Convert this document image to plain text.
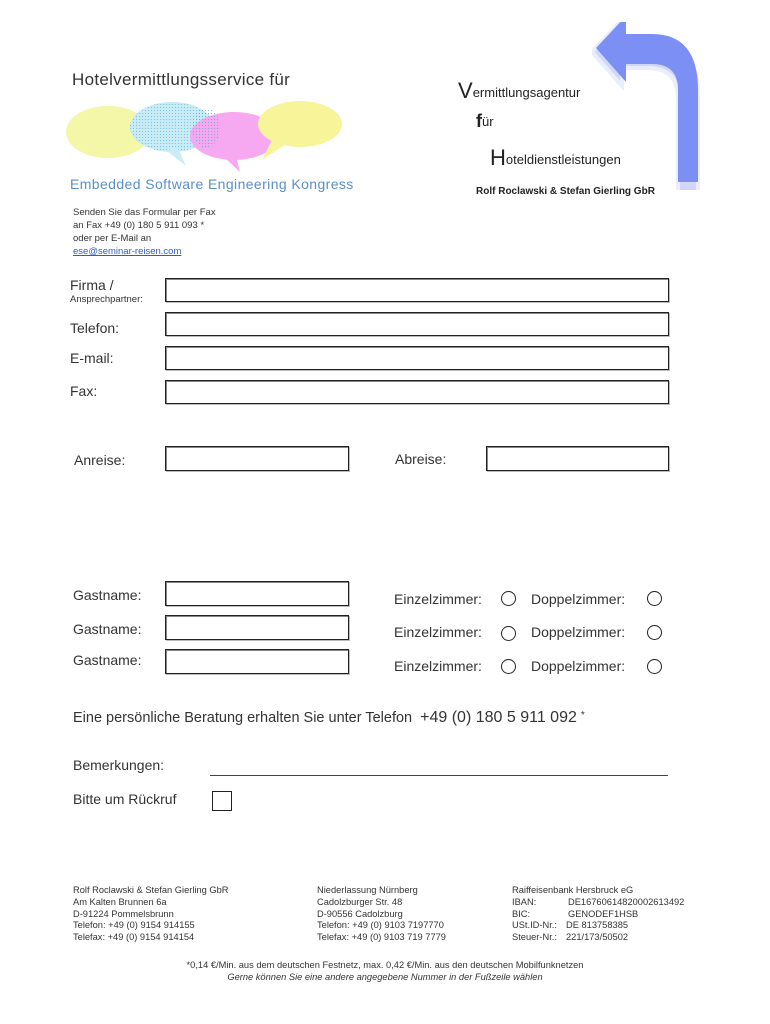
Hotelvermittlungsservice für
Embedded Software Engineering Kongress
Vermittlungsagentur
für
Hoteldienstleistungen
Rolf Roclawski & Stefan Gierling GbR
Senden Sie das Formular per Fax
an Fax +49 (0) 180 5 911 093 *
oder per E-Mail an
ese@seminar-reisen.com
Firma /
Ansprechpartner:
Telefon:
E-mail:
Fax:
Anreise:	Abreise:
Gastname:	Einzelzimmer:	Doppelzimmer:
Gastname:	Einzelzimmer:	Doppelzimmer:
Gastname:	Einzelzimmer:	Doppelzimmer:
Eine persönliche Beratung erhalten Sie unter Telefon +49 (0) 180 5 911 092 *
Bemerkungen:
Bitte um Rückruf
Rolf Roclawski & Stefan Gierling GbR
Am Kalten Brunnen 6a
D-91224 Pommelsbrunn
Telefon: +49 (0) 9154 914155
Telefax: +49 (0) 9154 914154
Niederlassung Nürnberg
Cadolzburger Str. 48
D-90556 Cadolzburg
Telefon: +49 (0) 9103 7197770
Telefax: +49 (0) 9103 719 7779
Raiffeisenbank Hersbruck eG
IBAN:	DE16760614820002613492
BIC:	GENODEF1HSB
USt.ID-Nr.: DE 813758385
Steuer-Nr.: 221/173/50502
*0,14 €/Min. aus dem deutschen Festnetz, max. 0,42 €/Min. aus den deutschen Mobilfunknetzen
Gerne können Sie eine andere angegebene Nummer in der Fußzeile wählen
